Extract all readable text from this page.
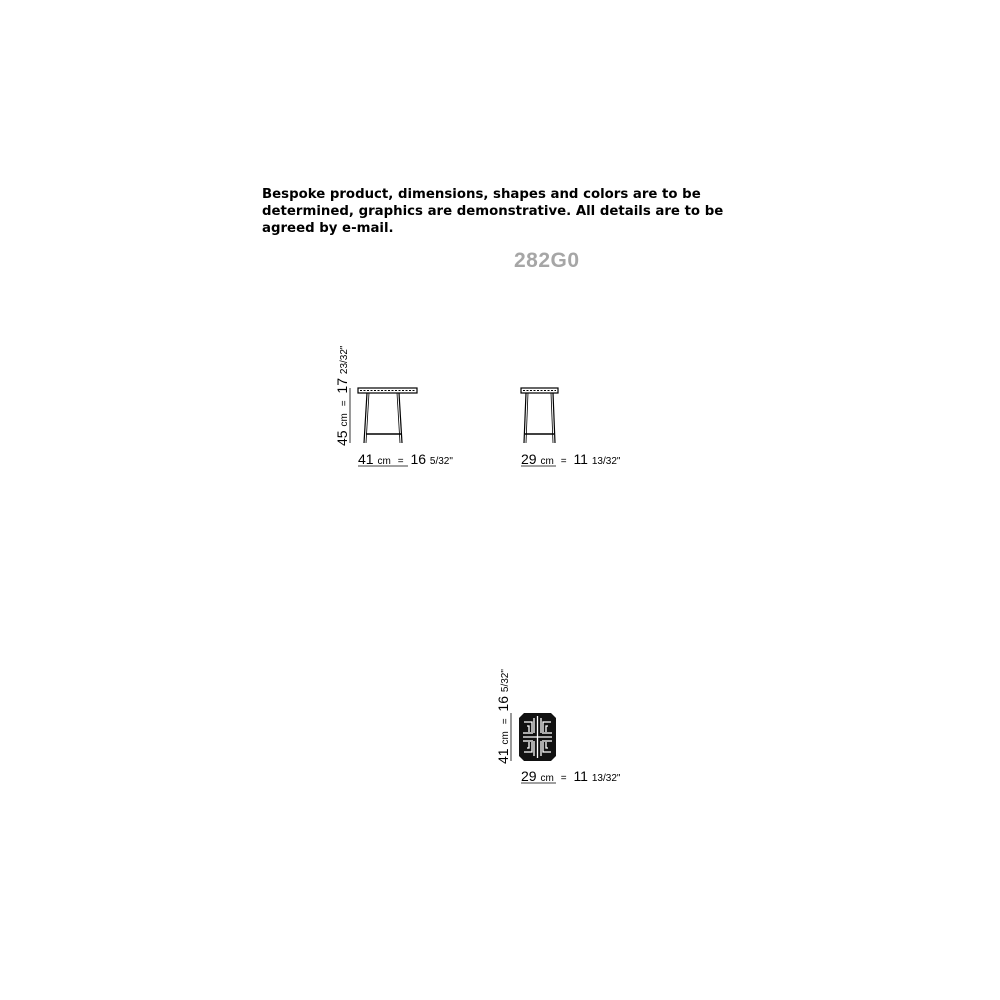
Bespoke product, dimensions, shapes and colors are to be
determined, graphics are demonstrative. All details are to be
agreed by e-mail.
282G0
45 cm = 17 23/32"
41 cm = 16 5/32"	29 cm = 11 13/32"
41 cm = 16 5/32"
29 cm = 11 13/32"
